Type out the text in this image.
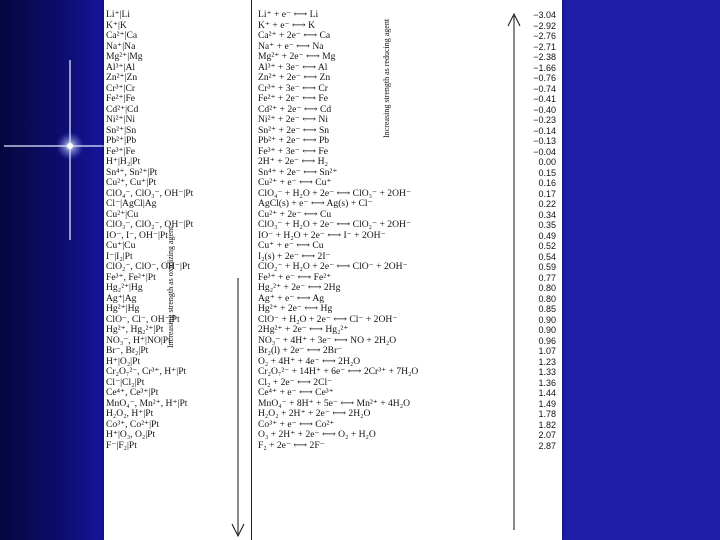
Li⁺|Li
K⁺|K
Ca²⁺|Ca
Na⁺|Na
Mg²⁺|Mg
Al³⁺|Al
Zn²⁺|Zn
Cr³⁺|Cr
Fe²⁺|Fe
Cd²⁺|Cd
Ni²⁺|Ni
Sn²⁺|Sn
Pb²⁺|Pb
Fe³⁺|Fe
H⁺|H₂|Pt
Sn⁴⁺, Sn²⁺|Pt
Cu²⁺, Cu⁺|Pt
ClO₄⁻, ClO₃⁻, OH⁻|Pt
Cl⁻|AgCl|Ag
Cu²⁺|Cu
ClO₃⁻, ClO₂⁻, OH⁻|Pt
IO⁻, I⁻, OH⁻|Pt
Cu⁺|Cu
I⁻|I₂|Pt
ClO₂⁻, ClO⁻, OH⁻|Pt
Fe³⁺, Fe²⁺|Pt
Hg₂²⁺|Hg
Ag⁺|Ag
Hg²⁺|Hg
ClO⁻, Cl⁻, OH⁻|Pt
Hg²⁺, Hg₂²⁺|Pt
NO₃⁻, H⁺|NO|Pt
Br⁻, Br₂|Pt
H⁺|O₂|Pt
Cr₂O₇²⁻, Cr³⁺, H⁺|Pt
Cl⁻|Cl₂|Pt
Ce⁴⁺, Ce³⁺|Pt
MnO₄⁻, Mn²⁺, H⁺|Pt
H₂O₂, H⁺|Pt
Co³⁺, Co²⁺|Pt
H⁺|O₃, O₂|Pt
F⁻|F₂|Pt
Li⁺ + e⁻ ⟷ Li
K⁺ + e⁻ ⟷ K
Ca²⁺ + 2e⁻ ⟷ Ca
Na⁺ + e⁻ ⟷ Na
Mg²⁺ + 2e⁻ ⟷ Mg
Al³⁺ + 3e⁻ ⟷ Al
Zn²⁺ + 2e⁻ ⟷ Zn
Cr³⁺ + 3e⁻ ⟷ Cr
Fe²⁺ + 2e⁻ ⟷ Fe
Cd²⁺ + 2e⁻ ⟷ Cd
Ni²⁺ + 2e⁻ ⟷ Ni
Sn²⁺ + 2e⁻ ⟷ Sn
Pb²⁺ + 2e⁻ ⟷ Pb
Fe³⁺ + 3e⁻ ⟷ Fe
2H⁺ + 2e⁻ ⟷ H₂
Sn⁴⁺ + 2e⁻ ⟷ Sn²⁺
Cu²⁺ + e⁻ ⟷ Cu⁺
ClO₄⁻ + H₂O + 2e⁻ ⟷ ClO₃⁻ + 2OH⁻
AgCl(s) + e⁻ ⟷ Ag(s) + Cl⁻
Cu²⁺ + 2e⁻ ⟷ Cu
ClO₃⁻ + H₂O + 2e⁻ ⟷ ClO₂⁻ + 2OH⁻
IO⁻ + H₂O + 2e⁻ ⟷ I⁻ + 2OH⁻
Cu⁺ + e⁻ ⟷ Cu
I₂(s) + 2e⁻ ⟷ 2I⁻
ClO₂⁻ + H₂O + 2e⁻ ⟷ ClO⁻ + 2OH⁻
Fe³⁺ + e⁻ ⟷ Fe²⁺
Hg₂²⁺ + 2e⁻ ⟷ 2Hg
Ag⁺ + e⁻ ⟷ Ag
Hg²⁺ + 2e⁻ ⟷ Hg
ClO⁻ + H₂O + 2e⁻ ⟷ Cl⁻ + 2OH⁻
2Hg²⁺ + 2e⁻ ⟷ Hg₂²⁺
NO₃⁻ + 4H⁺ + 3e⁻ ⟷ NO + 2H₂O
Br₂(l) + 2e⁻ ⟷ 2Br⁻
O₂ + 4H⁺ + 4e⁻ ⟷ 2H₂O
Cr₂O₇²⁻ + 14H⁺ + 6e⁻ ⟷ 2Cr³⁺ + 7H₂O
Cl₂ + 2e⁻ ⟷ 2Cl⁻
Ce⁴⁺ + e⁻ ⟷ Ce³⁺
MnO₄⁻ + 8H⁺ + 5e⁻ ⟷ Mn²⁺ + 4H₂O
H₂O₂ + 2H⁺ + 2e⁻ ⟷ 2H₂O
Co³⁺ + e⁻ ⟷ Co²⁺
O₃ + 2H⁺ + 2e⁻ ⟷ O₂ + H₂O
F₂ + 2e⁻ ⟷ 2F⁻
−3.04
−2.92
−2.76
−2.71
−2.38
−1.66
−0.76
−0.74
−0.41
−0.40
−0.23
−0.14
−0.13
−0.04
0.00
0.15
0.16
0.17
0.22
0.34
0.35
0.49
0.52
0.54
0.59
0.77
0.80
0.80
0.85
0.90
0.90
0.96
1.07
1.23
1.33
1.36
1.44
1.49
1.78
1.82
2.07
2.87
Increasing strength as oxidizing agent
Increasing strength as reducing agent
